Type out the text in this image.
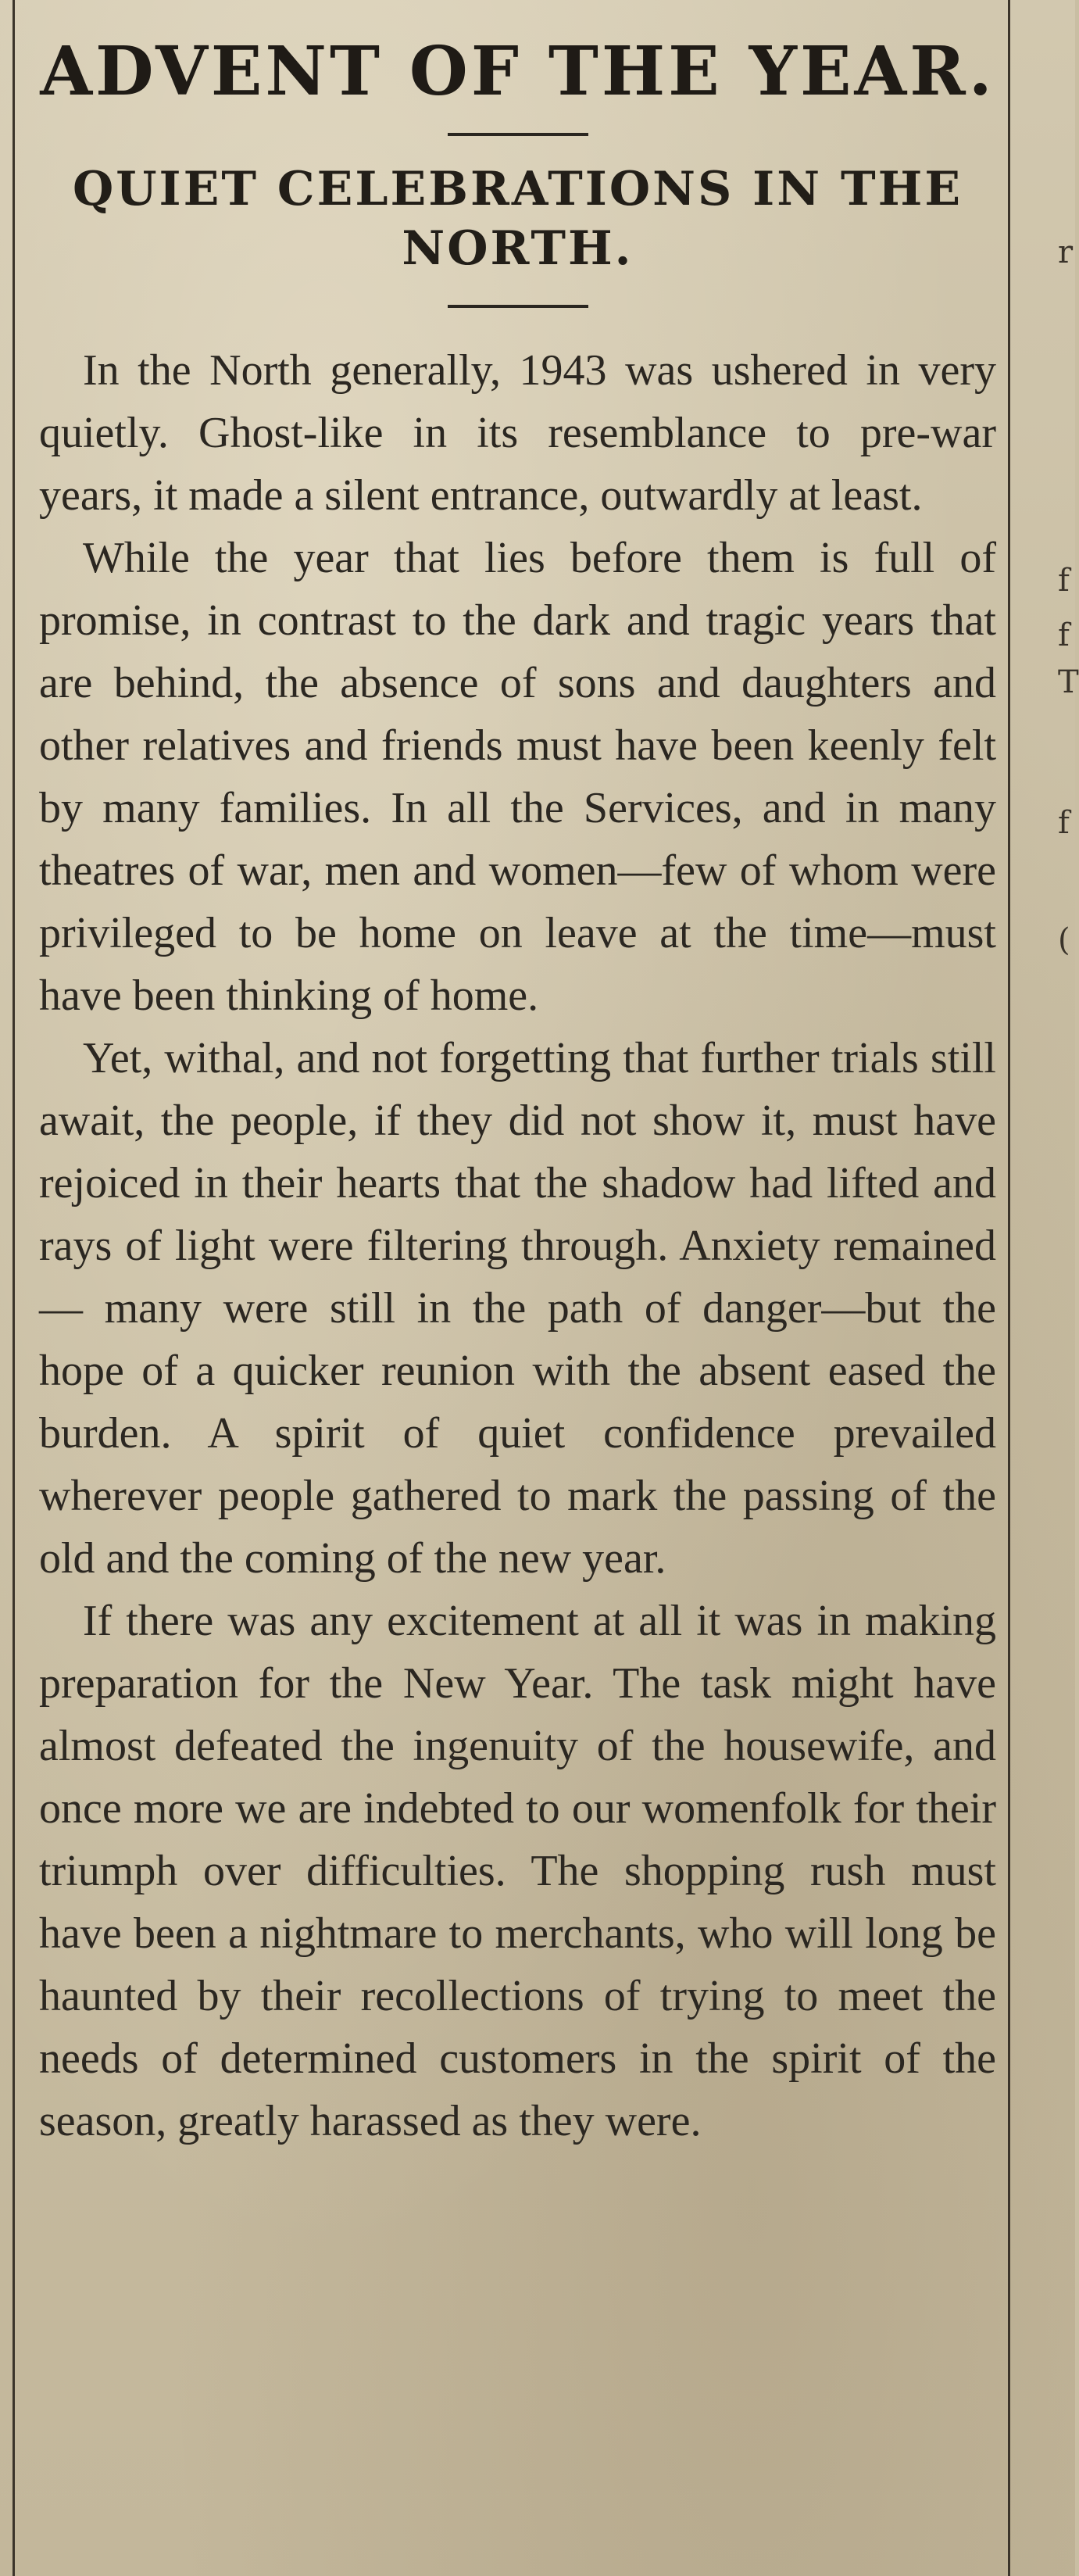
r
f
f
T
f
(
ADVENT OF THE YEAR.
QUIET CELEBRATIONS IN THE NORTH.

In the North generally, 1943 was ushered in very quietly. Ghost-like in its resemblance to pre-war years, it made a silent entrance, outwardly at least.

While the year that lies before them is full of promise, in contrast to the dark and tragic years that are behind, the absence of sons and daughters and other relatives and friends must have been keenly felt by many families. In all the Services, and in many theatres of war, men and women—few of whom were privileged to be home on leave at the time—must have been thinking of home.

Yet, withal, and not forgetting that further trials still await, the people, if they did not show it, must have rejoiced in their hearts that the shadow had lifted and rays of light were filtering through. Anxiety remained — many were still in the path of danger—but the hope of a quicker reunion with the absent eased the burden. A spirit of quiet confidence prevailed wherever people gathered to mark the passing of the old and the coming of the new year.

If there was any excitement at all it was in making preparation for the New Year. The task might have almost defeated the ingenuity of the housewife, and once more we are indebted to our womenfolk for their triumph over difficulties. The shopping rush must have been a nightmare to merchants, who will long be haunted by their recollections of trying to meet the needs of determined customers in the spirit of the season, greatly harassed as they were.
